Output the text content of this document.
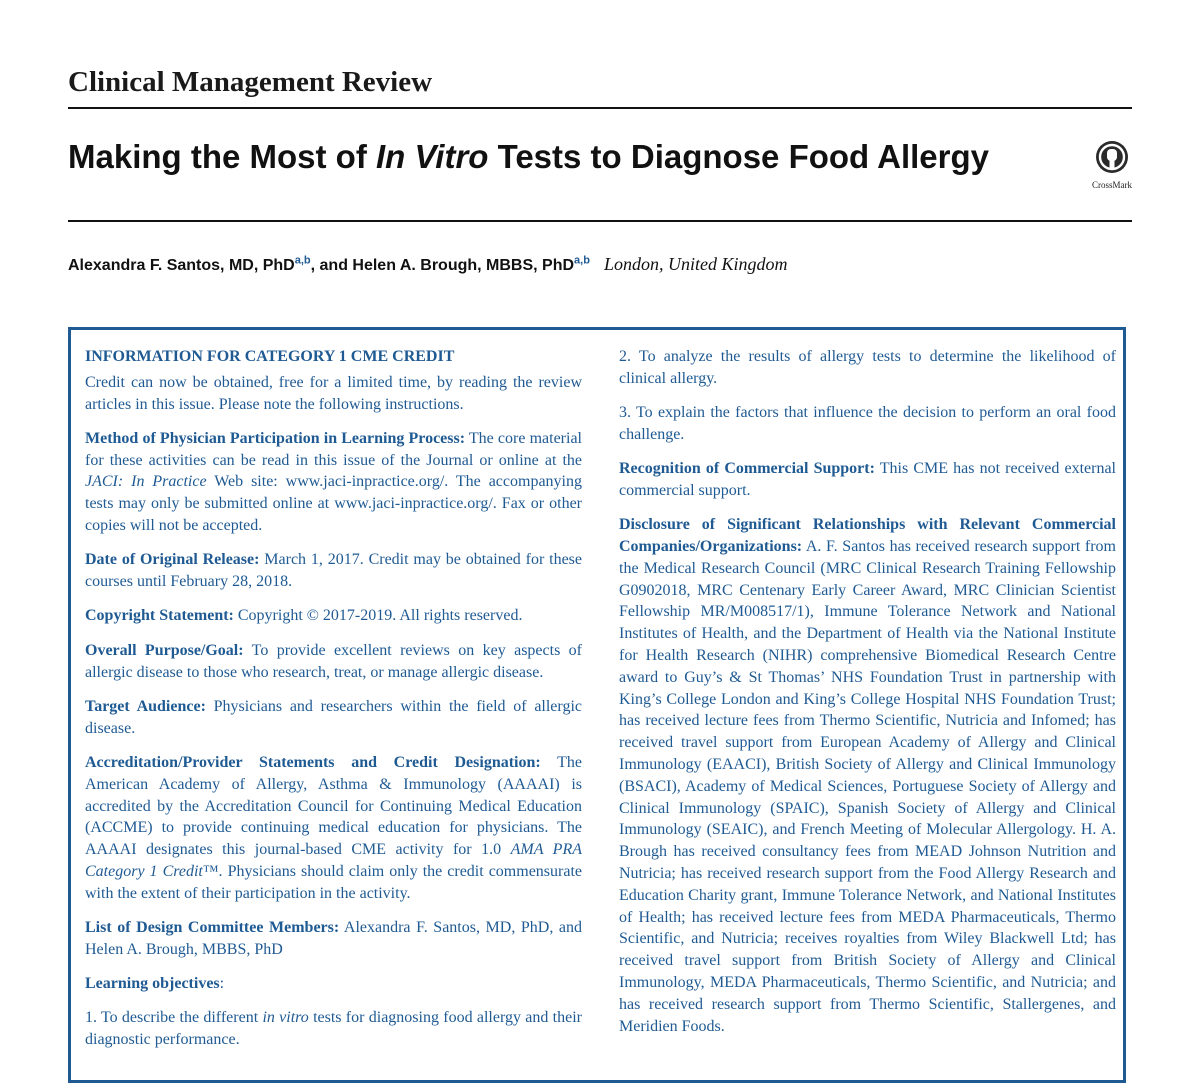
Clinical Management Review
Making the Most of In Vitro Tests to Diagnose Food Allergy
CrossMark
Alexandra F. Santos, MD, PhD$^{a,b}$, and Helen A. Brough, MBBS, PhD$^{a,b}$ London, United Kingdom
INFORMATION FOR CATEGORY 1 CME CREDIT

Credit can now be obtained, free for a limited time, by reading the review articles in this issue. Please note the following instructions.

Method of Physician Participation in Learning Process: The core material for these activities can be read in this issue of the Journal or online at the JACI: In Practice Web site: www.jaci-inpractice.org/. The accompanying tests may only be submitted online at www.jaci-inpractice.org/. Fax or other copies will not be accepted.

Date of Original Release: March 1, 2017. Credit may be obtained for these courses until February 28, 2018.

Copyright Statement: Copyright © 2017-2019. All rights reserved.

Overall Purpose/Goal: To provide excellent reviews on key aspects of allergic disease to those who research, treat, or manage allergic disease.

Target Audience: Physicians and researchers within the field of allergic disease.

Accreditation/Provider Statements and Credit Designation: The American Academy of Allergy, Asthma & Immunology (AAAAI) is accredited by the Accreditation Council for Continuing Medical Education (ACCME) to provide continuing medical education for physicians. The AAAAI designates this journal-based CME activity for 1.0 AMA PRA Category 1 Credit™. Physicians should claim only the credit commensurate with the extent of their participation in the activity.

List of Design Committee Members: Alexandra F. Santos, MD, PhD, and Helen A. Brough, MBBS, PhD

Learning objectives:

1. To describe the different in vitro tests for diagnosing food allergy and their diagnostic performance.

2. To analyze the results of allergy tests to determine the likelihood of clinical allergy.

3. To explain the factors that influence the decision to perform an oral food challenge.

Recognition of Commercial Support: This CME has not received external commercial support.

Disclosure of Significant Relationships with Relevant Commercial Companies/Organizations: A. F. Santos has received research support from the Medical Research Council (MRC Clinical Research Training Fellowship G0902018, MRC Centenary Early Career Award, MRC Clinician Scientist Fellowship MR/M008517/1), Immune Tolerance Network and National Institutes of Health, and the Department of Health via the National Institute for Health Research (NIHR) comprehensive Biomedical Research Centre award to Guy’s & St Thomas’ NHS Foundation Trust in partnership with King’s College London and King’s College Hospital NHS Foundation Trust; has received lecture fees from Thermo Scientific, Nutricia and Infomed; has received travel support from European Academy of Allergy and Clinical Immunology (EAACI), British Society of Allergy and Clinical Immunology (BSACI), Academy of Medical Sciences, Portuguese Society of Allergy and Clinical Immunology (SPAIC), Spanish Society of Allergy and Clinical Immunology (SEAIC), and French Meeting of Molecular Allergology. H. A. Brough has received consultancy fees from MEAD Johnson Nutrition and Nutricia; has received research support from the Food Allergy Research and Education Charity grant, Immune Tolerance Network, and National Institutes of Health; has received lecture fees from MEDA Pharmaceuticals, Thermo Scientific, and Nutricia; receives royalties from Wiley Blackwell Ltd; has received travel support from British Society of Allergy and Clinical Immunology, MEDA Pharmaceuticals, Thermo Scientific, and Nutricia; and has received research support from Thermo Scientific, Stallergenes, and Meridien Foods.
